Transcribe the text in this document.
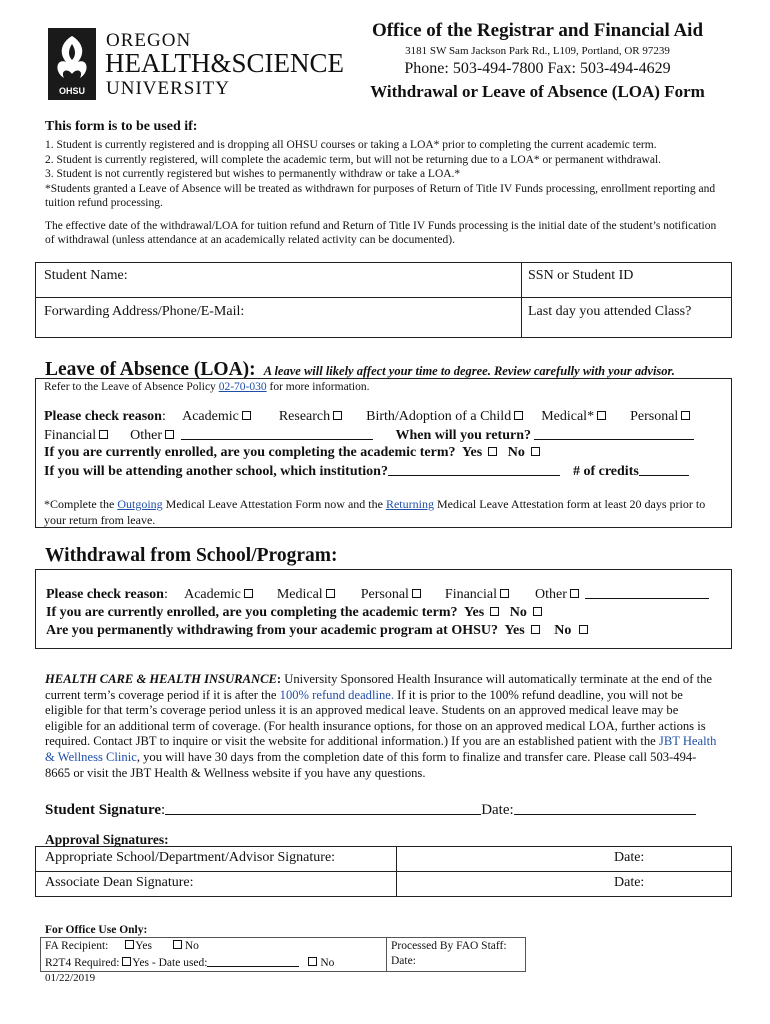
OHSU
OREGON
HEALTH&SCIENCE
UNIVERSITY
Office of the Registrar and Financial Aid
3181 SW Sam Jackson Park Rd., L109, Portland, OR 97239
Phone: 503-494-7800 Fax: 503-494-4629
Withdrawal or Leave of Absence (LOA) Form
This form is to be used if:
1. Student is currently registered and is dropping all OHSU courses or taking a LOA* prior to completing the current academic term.
2. Student is currently registered, will complete the academic term, but will not be returning due to a LOA* or permanent withdrawal.
3. Student is not currently registered but wishes to permanently withdraw or take a LOA.*
*Students granted a Leave of Absence will be treated as withdrawn for purposes of Return of Title IV Funds processing, enrollment reporting and tuition refund processing.
The effective date of the withdrawal/LOA for tuition refund and Return of Title IV Funds processing is the initial date of the student’s notification of withdrawal (unless attendance at an academically related activity can be documented).
Student Name:	SSN or Student ID
Forwarding Address/Phone/E-Mail:	Last day you attended Class?
Leave of Absence (LOA): A leave will likely affect your time to degree. Review carefully with your advisor.
Refer to the Leave of Absence Policy 02-70-030 for more information.
Please check reason: Academic	Research	Birth/Adoption of a Child Medical*	Personal
Financial Other	When will you return?
If you are currently enrolled, are you completing the academic term? Yes No
If you will be attending another school, which institution?	# of credits
*Complete the Outgoing Medical Leave Attestation Form now and the Returning Medical Leave Attestation form at least 20 days prior to your return from leave.
Withdrawal from School/Program:
Please check reason: Academic	Medical	Personal	Financial	Other
If you are currently enrolled, are you completing the academic term? Yes No
Are you permanently withdrawing from your academic program at OHSU? Yes No
HEALTH CARE & HEALTH INSURANCE: University Sponsored Health Insurance will automatically terminate at the end of the current term’s coverage period if it is after the 100% refund deadline. If it is prior to the 100% refund deadline, you will not be eligible for that term’s coverage period unless it is an approved medical leave. Students on an approved medical leave may be eligible for an additional term of coverage. (For health insurance options, for those on an approved medical LOA, further actions is required. Contact JBT to inquire or visit the website for additional information.) If you are an established patient with the JBT Health & Wellness Clinic, you will have 30 days from the completion date of this form to finalize and transfer care. Please call 503-494-8665 or visit the JBT Health & Wellness website if you have any questions.
Student Signature:	Date:
Approval Signatures:
Appropriate School/Department/Advisor Signature:	Date:
Associate Dean Signature:	Date:
For Office Use Only:
FA Recipient: Yes	No
R2T4 Required: Yes - Date used:	No
Processed By FAO Staff:
Date:
01/22/2019
